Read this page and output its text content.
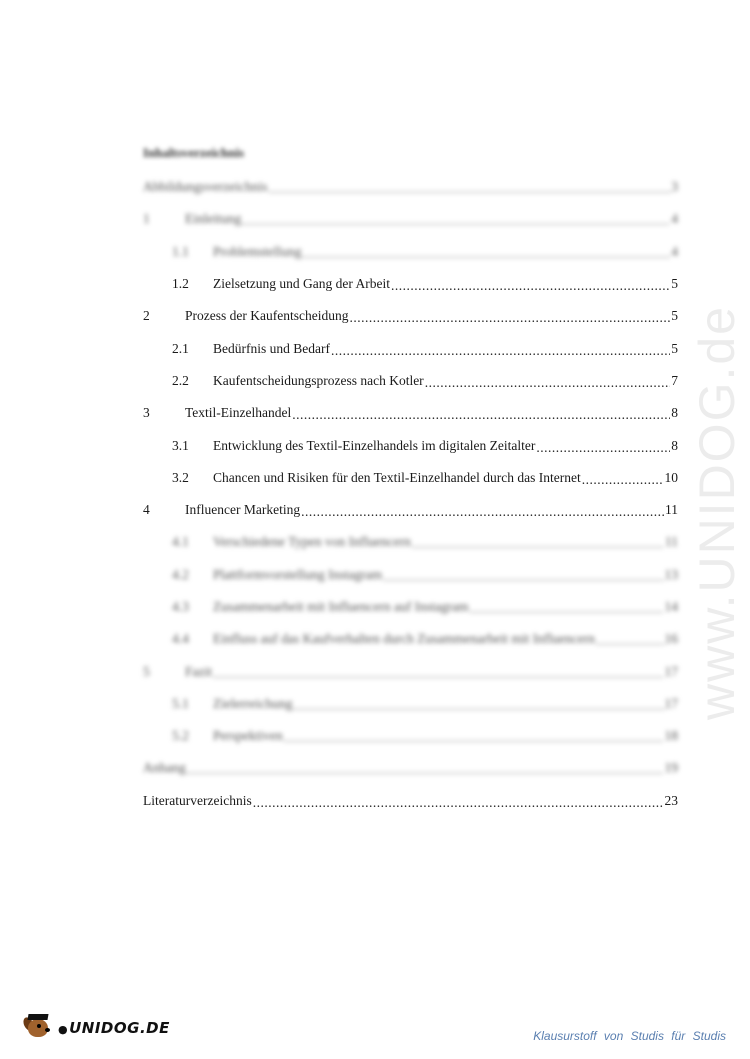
www.UNIDOG.de
Inhaltsverzeichnis
Abbildungsverzeichnis .....	3
1	Einleitung .....	4
1.1	Problemstellung .....	4
1.2	Zielsetzung und Gang der Arbeit .....	5
2	Prozess der Kaufentscheidung .....	5
2.1	Bedürfnis und Bedarf .....	5
2.2	Kaufentscheidungsprozess nach Kotler .....	7
3	Textil-Einzelhandel .....	8
3.1	Entwicklung des Textil-Einzelhandels im digitalen Zeitalter .....	8
3.2	Chancen und Risiken für den Textil-Einzelhandel durch das Internet .....	10
4	Influencer Marketing .....	11
4.1	Verschiedene Typen von Influencern .....	11
4.2	Plattformvorstellung Instagram .....	13
4.3	Zusammenarbeit mit Influencern auf Instagram .....	14
4.4	Einfluss auf das Kaufverhalten durch Zusammenarbeit mit Influencern .....	16
5	Fazit .....	17
5.1	Zielerreichung .....	17
5.2	Perspektiven .....	18
Anhang .....	19
Literaturverzeichnis .....	23
●UNIDOG.DE	Klausurstoff von Studis für Studis
